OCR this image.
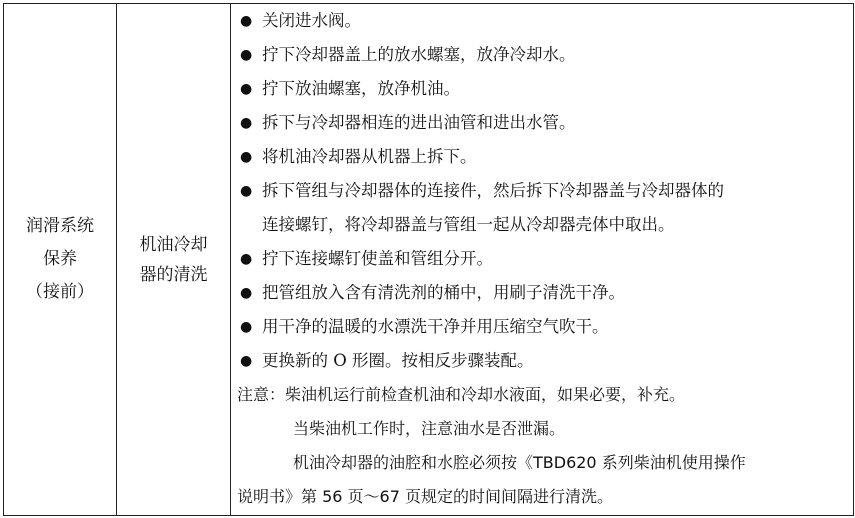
润滑系统
保养
（接前）

机油冷却
器的清洗

● 关闭进水阀。
● 拧下冷却器盖上的放水螺塞，放净冷却水。
● 拧下放油螺塞，放净机油。
● 拆下与冷却器相连的进出油管和进出水管。
● 将机油冷却器从机器上拆下。
● 拆下管组与冷却器体的连接件，然后拆下冷却器盖与冷却器体的
连接螺钉，将冷却器盖与管组一起从冷却器壳体中取出。
● 拧下连接螺钉使盖和管组分开。
● 把管组放入含有清洗剂的桶中，用刷子清洗干净。
● 用干净的温暖的水漂洗干净并用压缩空气吹干。
● 更换新的 O 形圈。按相反步骤装配。
注意：柴油机运行前检查机油和冷却水液面，如果必要，补充。
当柴油机工作时，注意油水是否泄漏。
机油冷却器的油腔和水腔必须按《TBD620 系列柴油机使用操作
说明书》第 56 页～67 页规定的时间间隔进行清洗。
